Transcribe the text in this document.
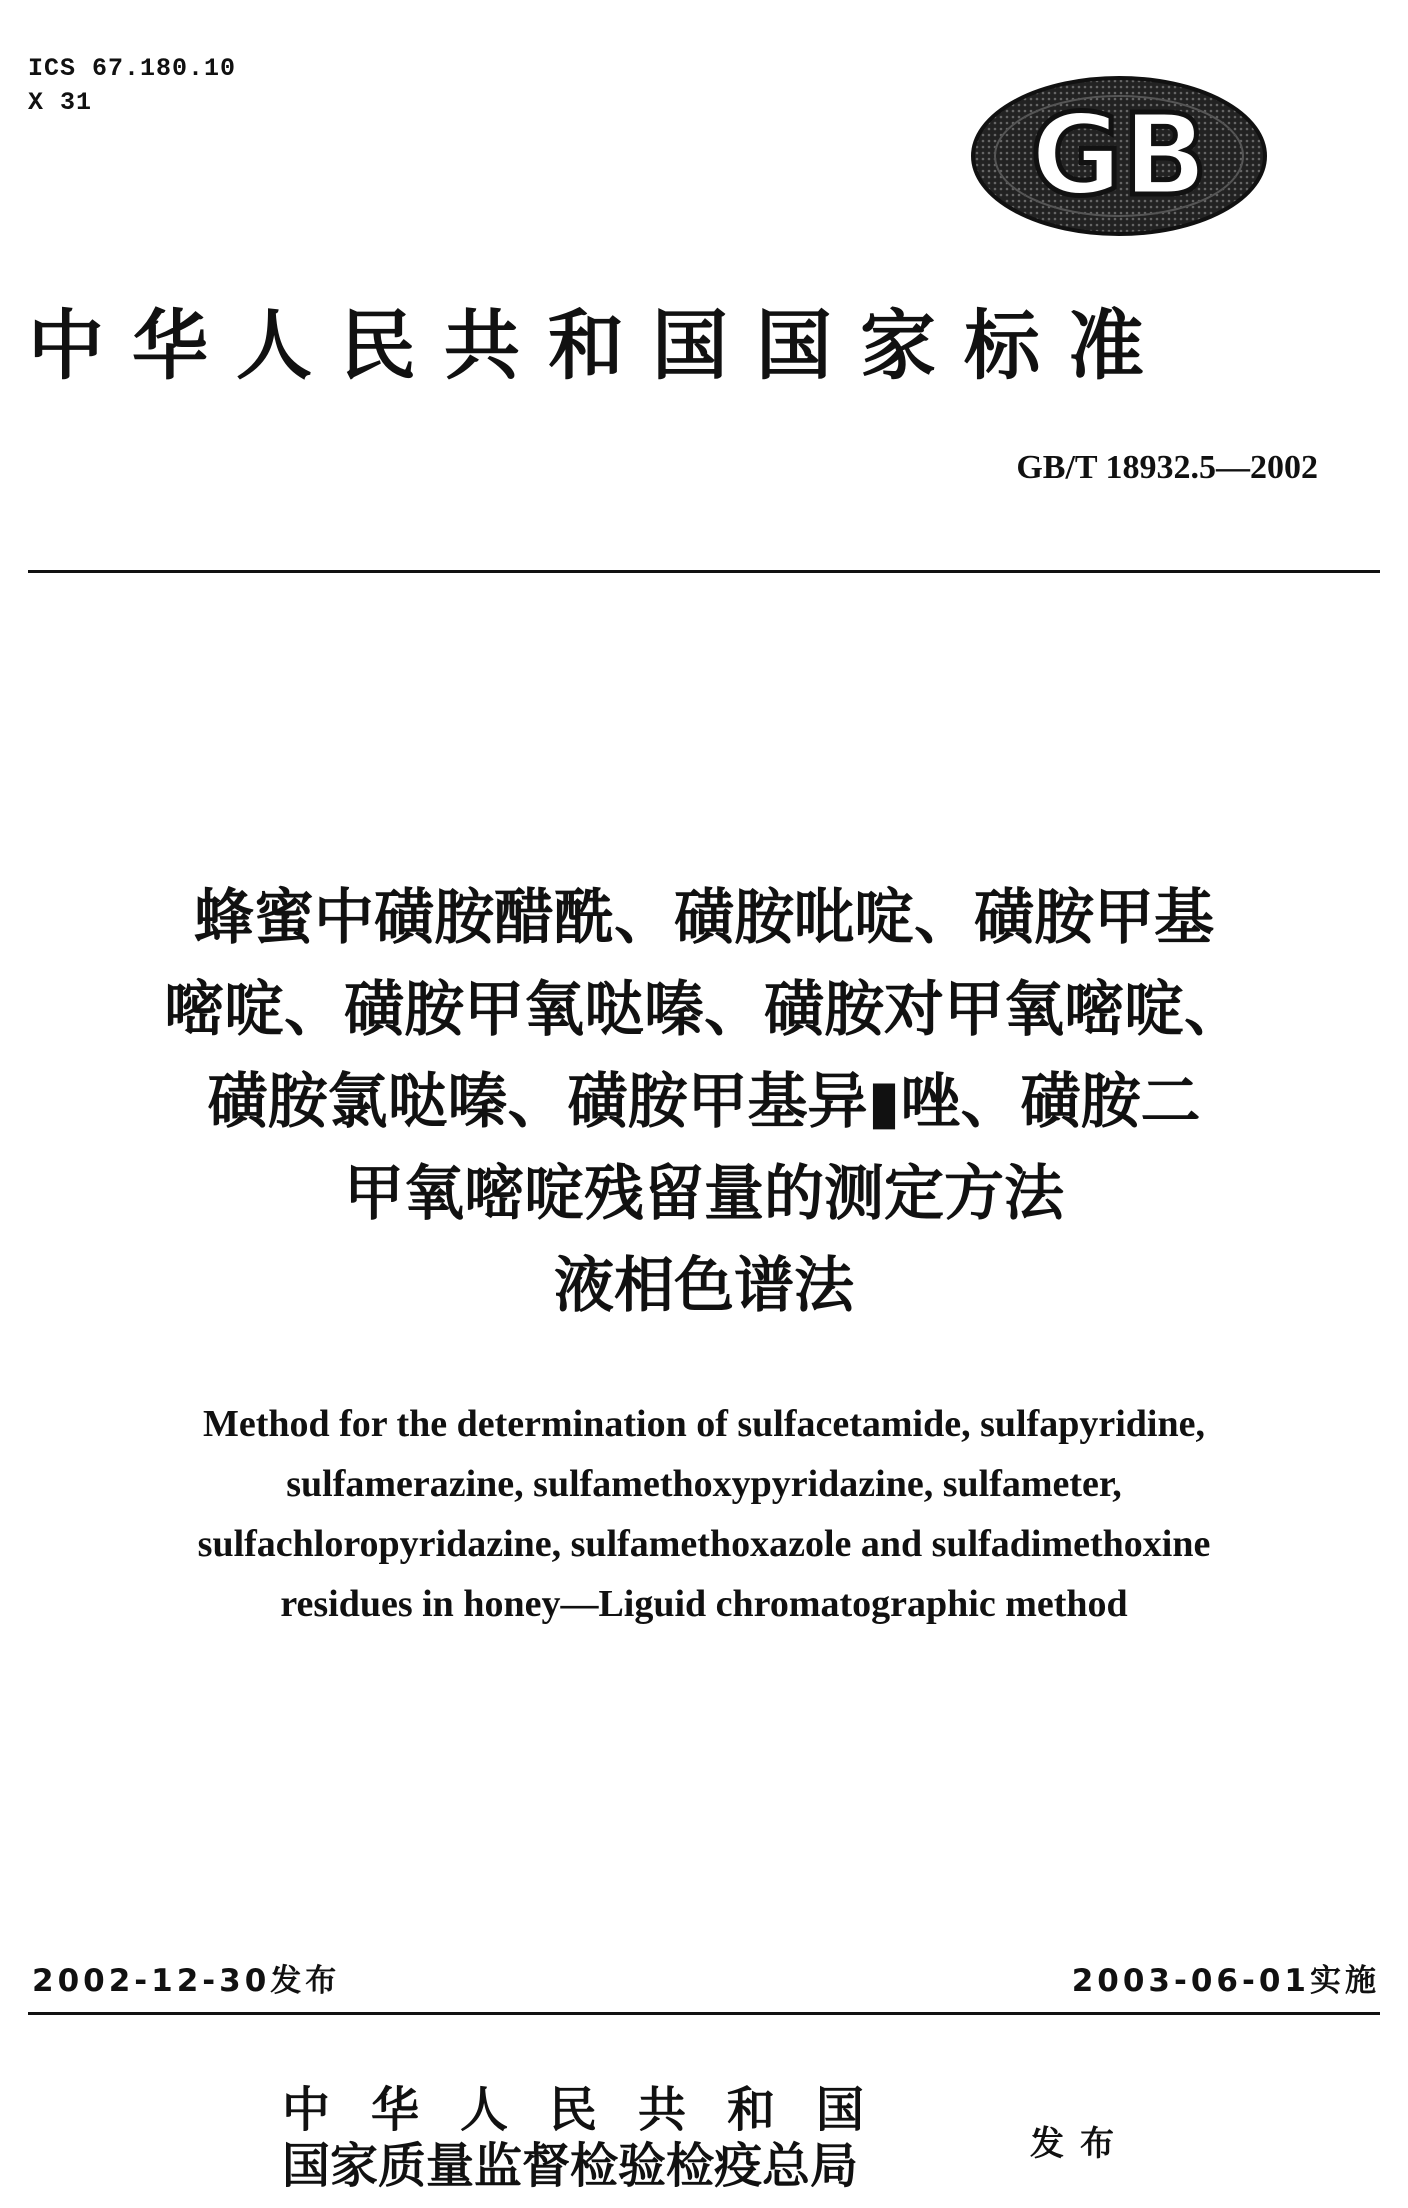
ICS 67.180.10
X 31	GB
中华人民共和国国家标准
GB/T 18932.5—2002
蜂蜜中磺胺醋酰、磺胺吡啶、磺胺甲基
嘧啶、磺胺甲氧哒嗪、磺胺对甲氧嘧啶、
磺胺氯哒嗪、磺胺甲基异▮唑、磺胺二
甲氧嘧啶残留量的测定方法
液相色谱法
Method for the determination of sulfacetamide, sulfapyridine,
sulfamerazine, sulfamethoxypyridazine, sulfameter,
sulfachloropyridazine, sulfamethoxazole and sulfadimethoxine
residues in honey—Liguid chromatographic method
2002-12-30发布	2003-06-01实施
中华人民共和国
国家质量监督检验检疫总局	发布
